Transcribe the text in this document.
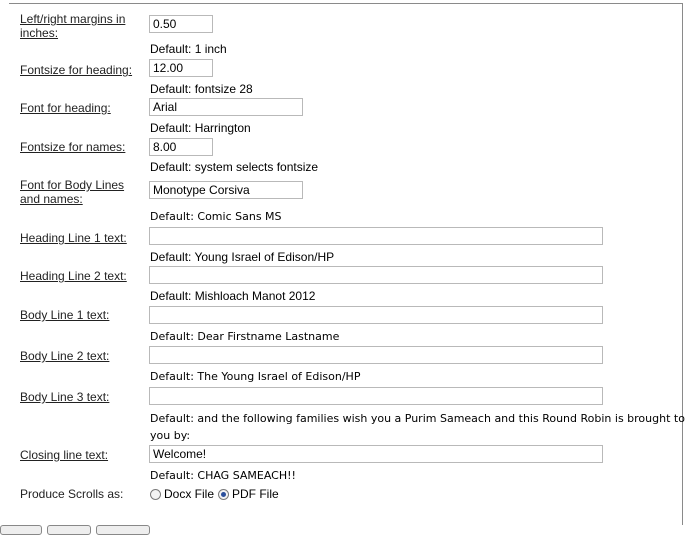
Left/right margins in inches:
0.50
Default: 1 inch
Fontsize for heading:
12.00
Default: fontsize 28
Font for heading:
Arial
Default: Harrington
Fontsize for names:
8.00
Default: system selects fontsize
Font for Body Lines and names:
Monotype Corsiva
Default: Comic Sans MS
Heading Line 1 text:
Default: Young Israel of Edison/HP
Heading Line 2 text:
Default: Mishloach Manot 2012
Body Line 1 text:
Default: Dear Firstname Lastname
Body Line 2 text:
Default: The Young Israel of Edison/HP
Body Line 3 text:
Default: and the following families wish you a Purim Sameach and this Round Robin is brought to
you by:
Closing line text:
Welcome!
Default: CHAG SAMEACH!!
Produce Scrolls as:	Docx File PDF File
